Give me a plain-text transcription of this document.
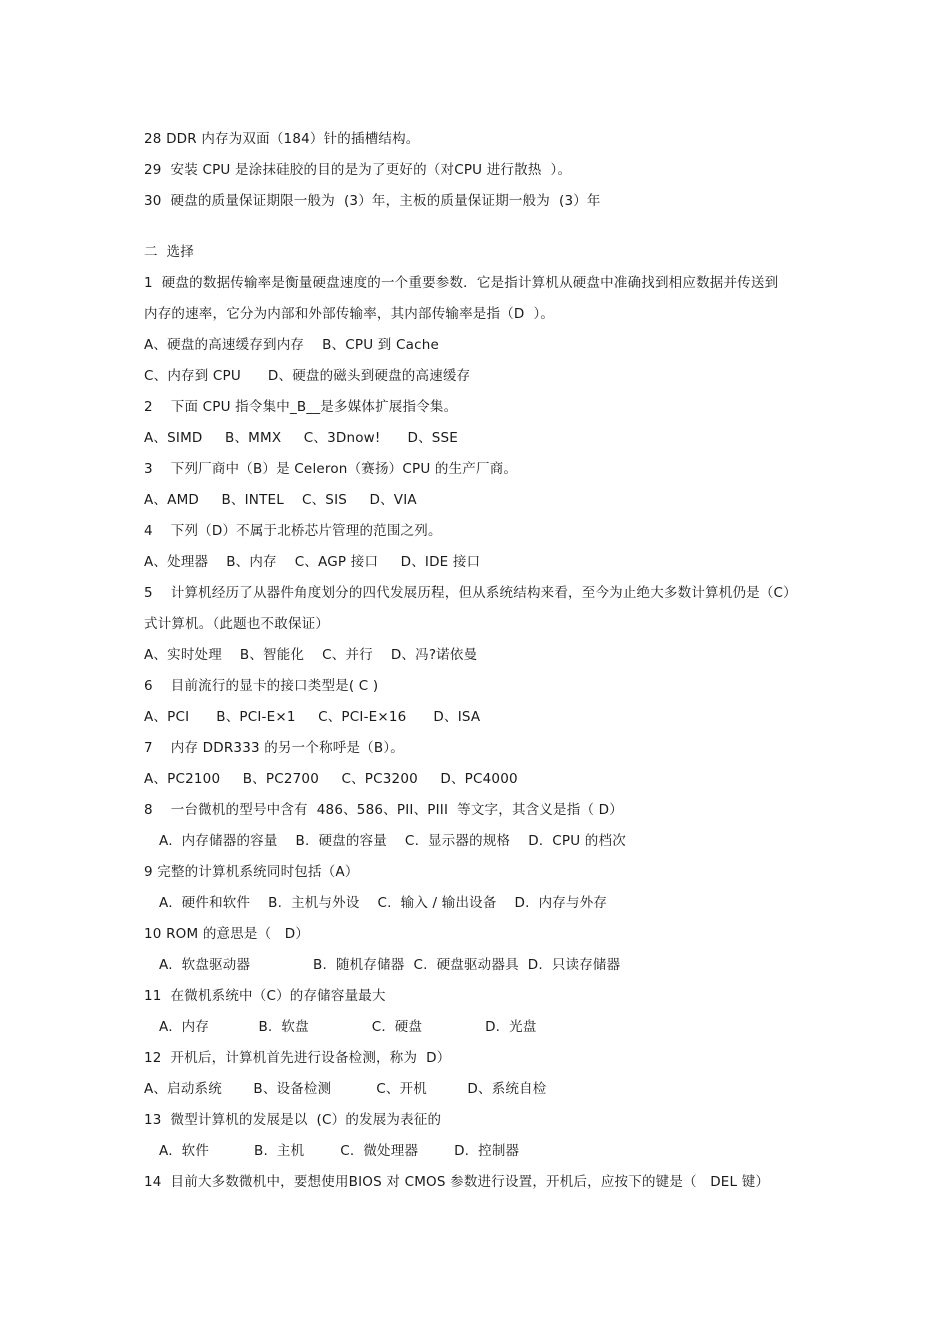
28 DDR 内存为双面（184）针的插槽结构。
29  安装 CPU 是涂抹硅胶的目的是为了更好的（对CPU 进行散热  ）。
30  硬盘的质量保证期限一般为  (3）年，主板的质量保证期一般为  (3）年
二  选择
1  硬盘的数据传输率是衡量硬盘速度的一个重要参数．它是指计算机从硬盘中准确找到相应数据并传送到
内存的速率，它分为内部和外部传输率，其内部传输率是指（D  ）。
A、硬盘的高速缓存到内存    B、CPU 到 Cache
C、内存到 CPU      D、硬盘的磁头到硬盘的高速缓存
2    下面 CPU 指令集中_B__是多媒体扩展指令集。
A、SIMD     B、MMX     C、3Dnow!      D、SSE
3    下列厂商中（B）是 Celeron（赛扬）CPU 的生产厂商。
A、AMD     B、INTEL    C、SIS     D、VIA
4    下列（D）不属于北桥芯片管理的范围之列。
A、处理器    B、内存    C、AGP 接口     D、IDE 接口
5    计算机经历了从器件角度划分的四代发展历程，但从系统结构来看，至今为止绝大多数计算机仍是（C）
式计算机。（此题也不敢保证）
A、实时处理    B、智能化    C、并行    D、冯?诺依曼
6    目前流行的显卡的接口类型是( C )
A、PCI      B、PCI-E×1     C、PCI-E×16      D、ISA
7    内存 DDR333 的另一个称呼是（B）。
A、PC2100     B、PC2700     C、PC3200     D、PC4000
8    一台微机的型号中含有  486、586、PII、PIII  等文字，其含义是指（ D）
A.  内存储器的容量    B.  硬盘的容量    C.  显示器的规格    D.  CPU 的档次
9 完整的计算机系统同时包括（A）
A.  硬件和软件    B.  主机与外设    C.  输入 / 输出设备    D.  内存与外存
10 ROM 的意思是（   D）
A.  软盘驱动器              B.  随机存储器  C.  硬盘驱动器具  D.  只读存储器
11  在微机系统中（C）的存储容量最大
A.  内存           B.  软盘              C.  硬盘              D.  光盘
12  开机后，计算机首先进行设备检测，称为  D）
A、启动系统       B、设备检测          C、开机         D、系统自检
13  微型计算机的发展是以  (C）的发展为表征的
A.  软件          B.  主机        C.  微处理器        D.  控制器
14  目前大多数微机中，要想使用BIOS 对 CMOS 参数进行设置，开机后，应按下的键是（   DEL 键）
